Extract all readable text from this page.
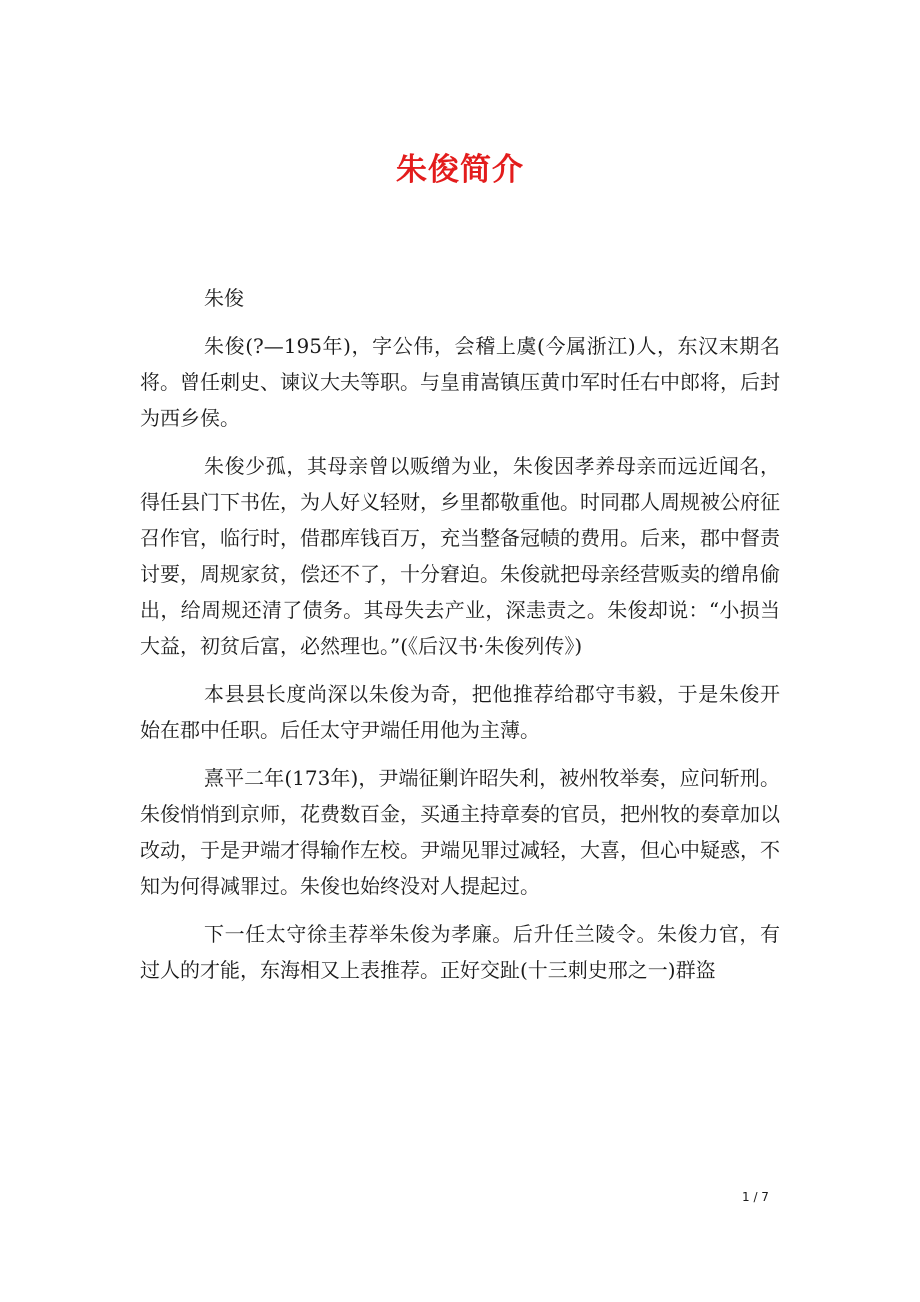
朱俊简介

朱俊

朱俊(?—195年)，字公伟，会稽上虞(今属浙江)人，东汉末期名将。曾任刺史、谏议大夫等职。与皇甫嵩镇压黄巾军时任右中郎将，后封为西乡侯。

朱俊少孤，其母亲曾以贩缯为业，朱俊因孝养母亲而远近闻名，得任县门下书佐，为人好义轻财，乡里都敬重他。时同郡人周规被公府征召作官，临行时，借郡库钱百万，充当整备冠帻的费用。后来，郡中督责讨要，周规家贫，偿还不了，十分窘迫。朱俊就把母亲经营贩卖的缯帛偷出，给周规还清了债务。其母失去产业，深恚责之。朱俊却说：“小损当大益，初贫后富，必然理也。”(《后汉书·朱俊列传》)

本县县长度尚深以朱俊为奇，把他推荐给郡守韦毅，于是朱俊开始在郡中任职。后任太守尹端任用他为主薄。

熹平二年(173年)，尹端征剿许昭失利，被州牧举奏，应问斩刑。朱俊悄悄到京师，花费数百金，买通主持章奏的官员，把州牧的奏章加以改动，于是尹端才得输作左校。尹端见罪过减轻，大喜，但心中疑惑，不知为何得减罪过。朱俊也始终没对人提起过。

下一任太守徐圭荐举朱俊为孝廉。后升任兰陵令。朱俊力官，有过人的才能，东海相又上表推荐。正好交趾(十三刺史邢之一)群盗

1 / 7
